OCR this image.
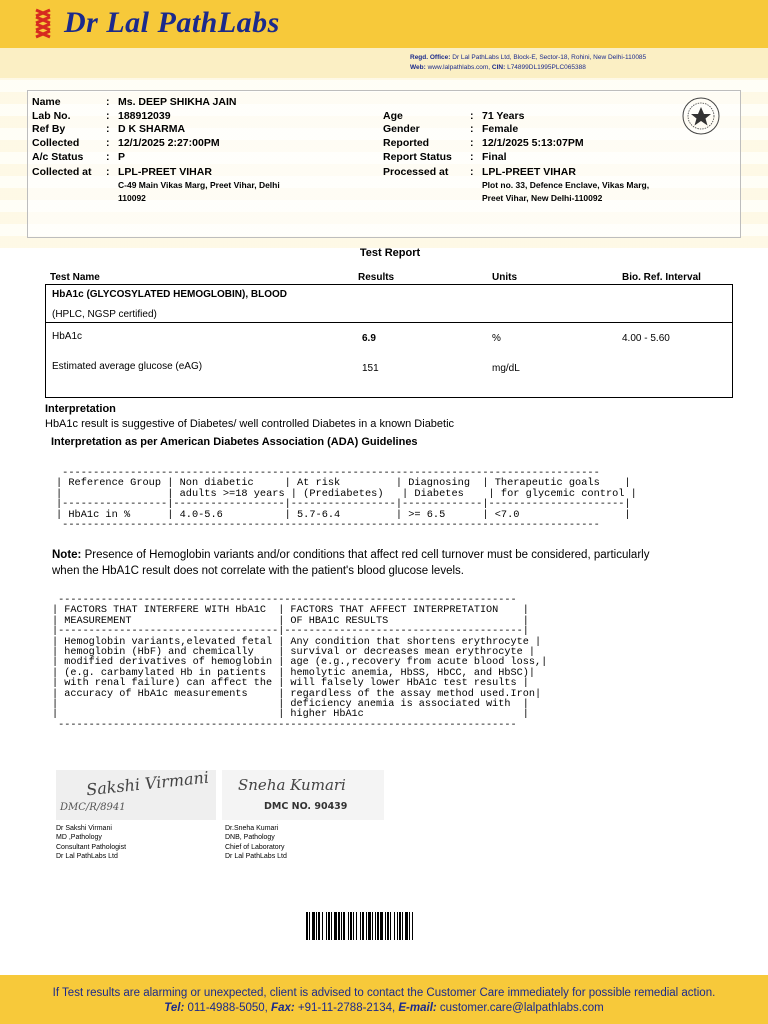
Dr Lal PathLabs
Regd. Office: Dr Lal PathLabs Ltd, Block-E, Sector-18, Rohini, New Delhi-110085
Web: www.lalpathlabs.com, CIN: L74899DL1995PLC065388
Name	: Ms. DEEP SHIKHA JAIN
Lab No.	: 188912039
Ref By	: D K SHARMA
Collected	: 12/1/2025 2:27:00PM
A/c Status : P
Collected at : LPL-PREET VIHAR
Age	: 71 Years
Gender	: Female
Reported	: 12/1/2025 5:13:07PM
Report Status : Final
Processed at : LPL-PREET VIHAR
C-49 Main Vikas Marg, Preet Vihar, Delhi
110092
Plot no. 33, Defence Enclave, Vikas Marg,
Preet Vihar, New Delhi-110092
Test Report
Test Name	Results	Units	Bio. Ref. Interval
HbA1c (GLYCOSYLATED HEMOGLOBIN), BLOOD
(HPLC, NGSP certified)
HbA1c	6.9	%	4.00 - 5.60
Estimated average glucose (eAG)	151	mg/dL
Interpretation
HbA1c result is suggestive of Diabetes/ well controlled Diabetes in a known Diabetic
Interpretation as per American Diabetes Association (ADA) Guidelines
---------------------------------------------------------------------------------------
| Reference Group | Non diabetic     | At risk         | Diagnosing  | Therapeutic goals    |
|                 | adults >=18 years | (Prediabetes)   | Diabetes    | for glycemic control |
|-----------------|------------------|-----------------|-------------|----------------------|
| HbA1c in %      | 4.0-5.6          | 5.7-6.4         | >= 6.5      | <7.0                 |
---------------------------------------------------------------------------------------
Note: Presence of Hemoglobin variants and/or conditions that affect red cell turnover must be considered, particularly when the HbA1C result does not correlate with the patient's blood glucose levels.
---------------------------------------------------------------------------
| FACTORS THAT INTERFERE WITH HbA1C  | FACTORS THAT AFFECT INTERPRETATION    |
| MEASUREMENT                        | OF HBA1C RESULTS                      |
|------------------------------------|---------------------------------------|
| Hemoglobin variants,elevated fetal | Any condition that shortens erythrocyte |
| hemoglobin (HbF) and chemically    | survival or decreases mean erythrocyte |
| modified derivatives of hemoglobin | age (e.g.,recovery from acute blood loss,|
| (e.g. carbamylated Hb in patients  | hemolytic anemia, HbSS, HbCC, and HbSC)|
| with renal failure) can affect the | will falsely lower HbA1c test results |
| accuracy of HbA1c measurements     | regardless of the assay method used.Iron|
|                                    | deficiency anemia is associated with  |
|                                    | higher HbA1c                          |
---------------------------------------------------------------------------
Sakshi Virmani
DMC/R/8941
Sneha Kumari
DMC NO. 90439
Dr Sakshi Virmani
MD ,Pathology
Consultant Pathologist
Dr Lal PathLabs Ltd
Dr.Sneha Kumari
DNB, Pathology
Chief of Laboratory
Dr Lal PathLabs Ltd
If Test results are alarming or unexpected, client is advised to contact the Customer Care immediately for possible remedial action.
Tel: 011-4988-5050, Fax: +91-11-2788-2134, E-mail: customer.care@lalpathlabs.com
